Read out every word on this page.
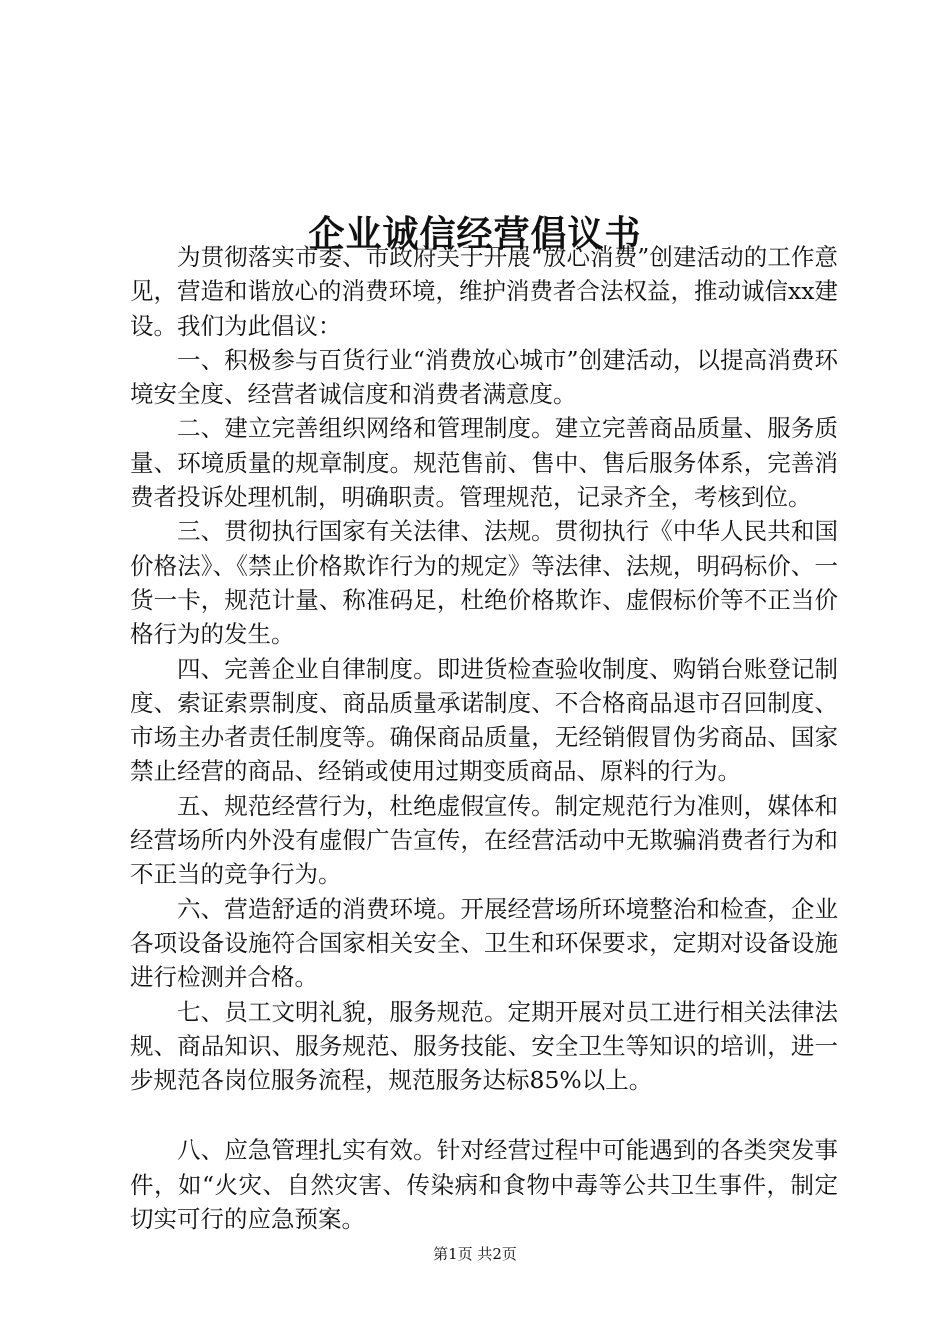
企业诚信经营倡议书

为贯彻落实市委、市政府关于开展“放心消费”创建活动的工作意见，营造和谐放心的消费环境，维护消费者合法权益，推动诚信xx建设。我们为此倡议：

一、积极参与百货行业“消费放心城市”创建活动，以提高消费环境安全度、经营者诚信度和消费者满意度。

二、建立完善组织网络和管理制度。建立完善商品质量、服务质量、环境质量的规章制度。规范售前、售中、售后服务体系，完善消费者投诉处理机制，明确职责。管理规范，记录齐全，考核到位。

三、贯彻执行国家有关法律、法规。贯彻执行《中华人民共和国价格法》、《禁止价格欺诈行为的规定》等法律、法规，明码标价、一货一卡，规范计量、称准码足，杜绝价格欺诈、虚假标价等不正当价格行为的发生。

四、完善企业自律制度。即进货检查验收制度、购销台账登记制度、索证索票制度、商品质量承诺制度、不合格商品退市召回制度、市场主办者责任制度等。确保商品质量，无经销假冒伪劣商品、国家禁止经营的商品、经销或使用过期变质商品、原料的行为。

五、规范经营行为，杜绝虚假宣传。制定规范行为准则，媒体和经营场所内外没有虚假广告宣传，在经营活动中无欺骗消费者行为和不正当的竞争行为。

六、营造舒适的消费环境。开展经营场所环境整治和检查，企业各项设备设施符合国家相关安全、卫生和环保要求，定期对设备设施进行检测并合格。

七、员工文明礼貌，服务规范。定期开展对员工进行相关法律法规、商品知识、服务规范、服务技能、安全卫生等知识的培训，进一步规范各岗位服务流程，规范服务达标85%以上。

八、应急管理扎实有效。针对经营过程中可能遇到的各类突发事件，如“火灾、自然灾害、传染病和食物中毒等公共卫生事件，制定切实可行的应急预案。

第1页 共2页
